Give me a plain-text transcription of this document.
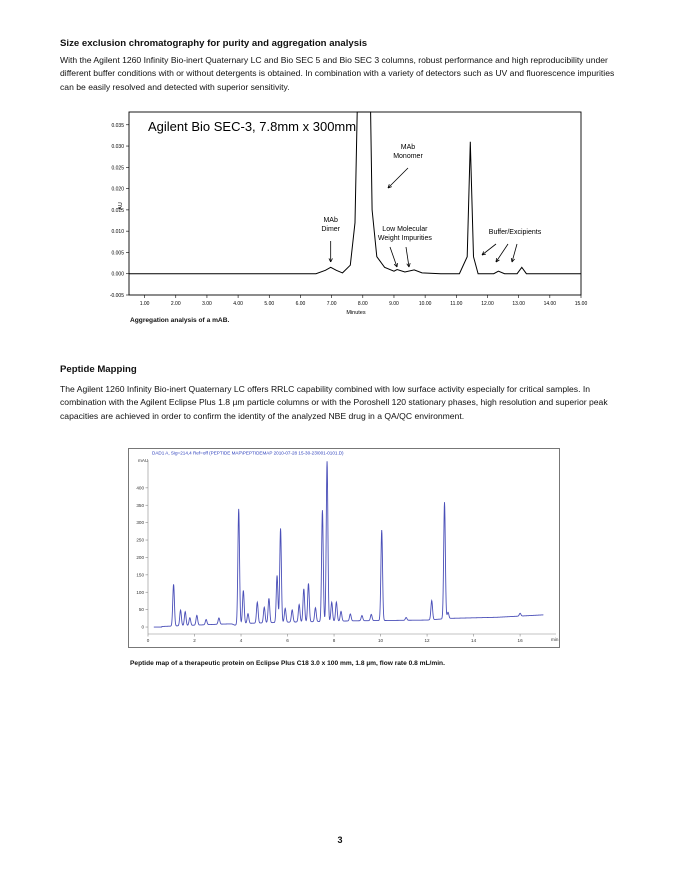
Size exclusion chromatography for purity and aggregation analysis
With the Agilent 1260 Infinity Bio-inert Quaternary LC and Bio SEC 5 and Bio SEC 3 columns, robust performance and high reproducibility under different buffer conditions with or without detergents is obtained. In combination with a variety of detectors such as UV and fluorescence impurities can be easily resolved and detected with superior sensitivity.
1.00	2.00	3.00	4.00	5.00	6.00	7.00	8.00	9.00	10.00	11.00	12.00	13.00	14.00	15.00
-0.005
0.000
0.005
0.010
0.015
0.020
0.025
0.030
0.035 Agilent Bio SEC-3, 7.8mm x 300mm
AU
Minutes
MAb
Dimer
MAb
Monomer
Low Molecular
Weight Impurities
Buffer/Excipients
Aggregation analysis of a mAB.
Peptide Mapping
The Agilent 1260 Infinity Bio-inert Quaternary LC offers RRLC capability combined with low surface activity especially for critical samples. In combination with the Agilent Eclipse Plus 1.8 µm particle columns or with the Poroshell 120 stationary phases, high resolution and superior peak capacities are achieved in order to confirm the identity of the analyzed NBE drug in a QA/QC environment.
DAD1 A, Sig=214,4 Ref=off (PEPTIDE MAP\PEPTIDEMAP 2010-07-28 15-30-23\001-0101.D)
mAU
min
0	2	4	6	8	10	12	14	16
0
50
100
150
200
250
300
350
400
Peptide map of a therapeutic protein on Eclipse Plus C18 3.0 x 100 mm, 1.8 µm, flow rate 0.8 mL/min.
3
